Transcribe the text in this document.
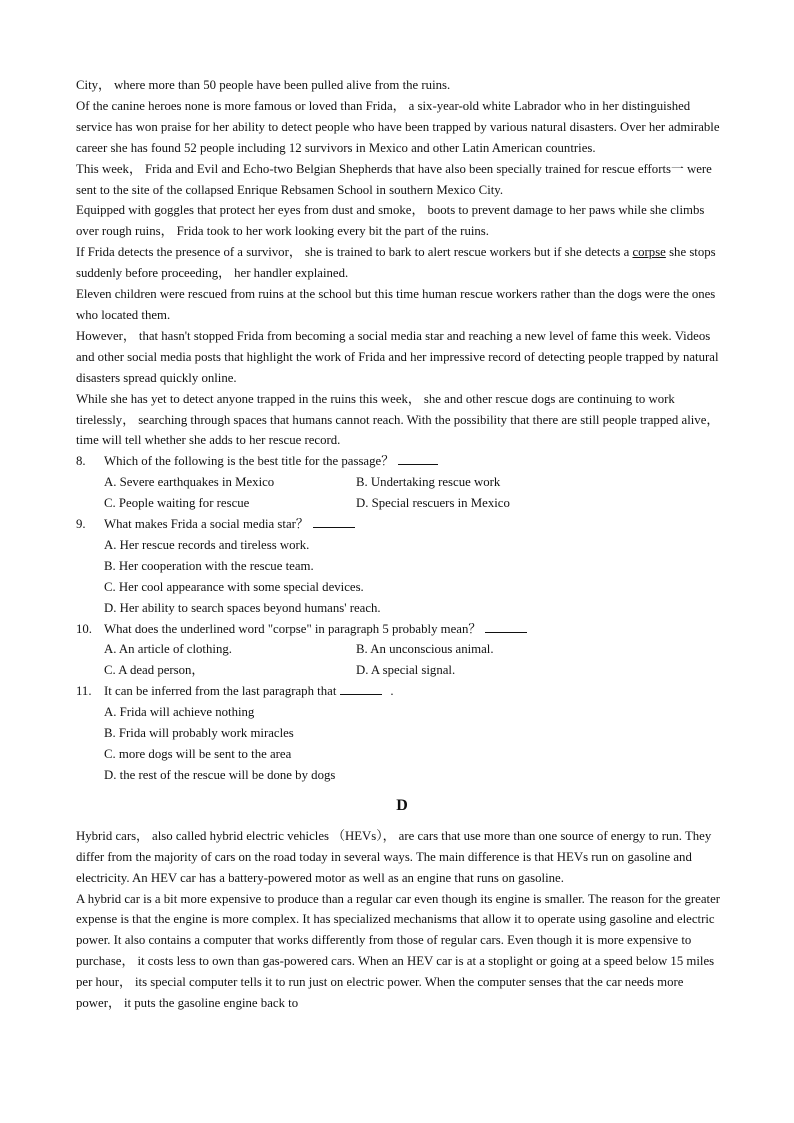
City， where more than 50 people have been pulled alive from the ruins.

Of the canine heroes none is more famous or loved than Frida， a six-year-old white Labrador who in her distinguished service has won praise for her ability to detect people who have been trapped by various natural disasters. Over her admirable career she has found 52 people including 12 survivors in Mexico and other Latin American countries.

This week， Frida and Evil and Echo-two Belgian Shepherds that have also been specially trained for rescue efforts一 were sent to the site of the collapsed Enrique Rebsamen School in southern Mexico City.

Equipped with goggles that protect her eyes from dust and smoke， boots to prevent damage to her paws while she climbs over rough ruins， Frida took to her work looking every bit the part of the ruins.

If Frida detects the presence of a survivor， she is trained to bark to alert rescue workers but if she detects a corpse she stops suddenly before proceeding， her handler explained.

Eleven children were rescued from ruins at the school but this time human rescue workers rather than the dogs were the ones who located them.

However， that hasn't stopped Frida from becoming a social media star and reaching a new level of fame this week. Videos and other social media posts that highlight the work of Frida and her impressive record of detecting people trapped by natural disasters spread quickly online.

While she has yet to detect anyone trapped in the ruins this week， she and other rescue dogs are continuing to work tirelessly， searching through spaces that humans cannot reach. With the possibility that there are still people trapped alive， time will tell whether she adds to her rescue record.

8.	Which of the following is the best title for the passage？
A. Severe earthquakes in Mexico	B. Undertaking rescue work
C. People waiting for rescue	D. Special rescuers in Mexico
9.	What makes Frida a social media star？
A. Her rescue records and tireless work.
B. Her cooperation with the rescue team.
C. Her cool appearance with some special devices.
D. Her ability to search spaces beyond humans' reach.
10. What does the underlined word "corpse" in paragraph 5 probably mean？
A. An article of clothing.	B. An unconscious animal.
C. A dead person，	D. A special signal.
11. It can be inferred from the last paragraph that	.
A. Frida will achieve nothing
B. Frida will probably work miracles
C. more dogs will be sent to the area
D. the rest of the rescue will be done by dogs
D

Hybrid cars， also called hybrid electric vehicles （HEVs）， are cars that use more than one source of energy to run. They differ from the majority of cars on the road today in several ways. The main difference is that HEVs run on gasoline and electricity. An HEV car has a battery-powered motor as well as an engine that runs on gasoline.

A hybrid car is a bit more expensive to produce than a regular car even though its engine is smaller. The reason for the greater expense is that the engine is more complex. It has specialized mechanisms that allow it to operate using gasoline and electric power. It also contains a computer that works differently from those of regular cars. Even though it is more expensive to purchase， it costs less to own than gas-powered cars. When an HEV car is at a stoplight or going at a speed below 15 miles per hour， its special computer tells it to run just on electric power. When the computer senses that the car needs more power， it puts the gasoline engine back to
